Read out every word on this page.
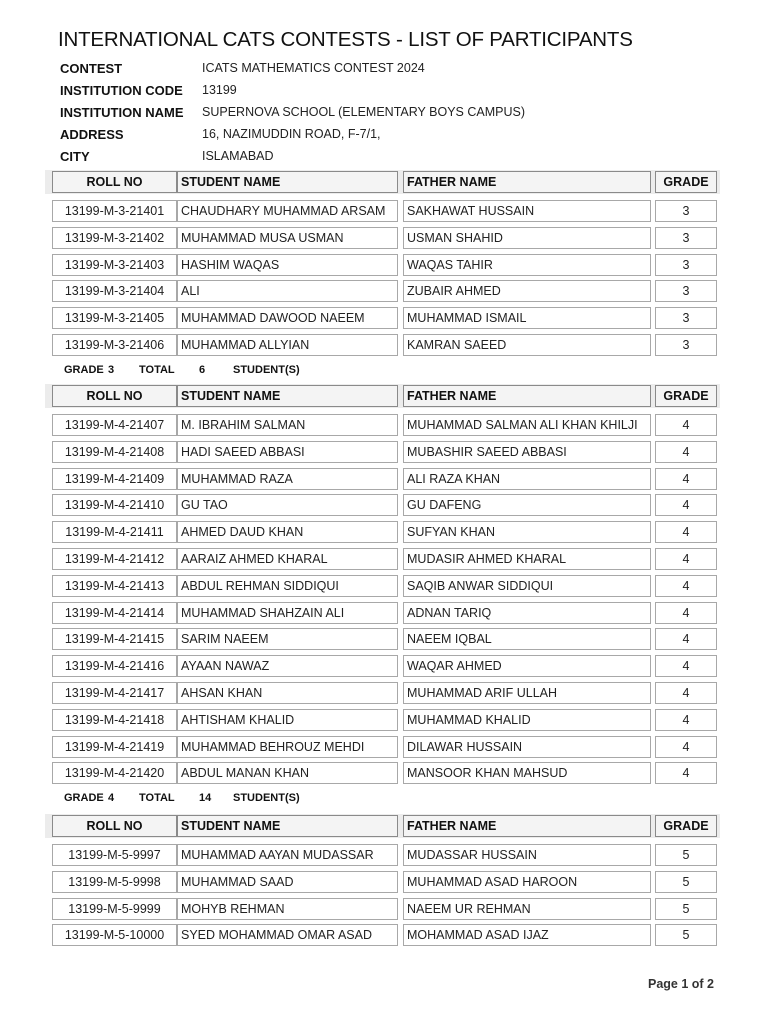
INTERNATIONAL CATS CONTESTS - LIST OF PARTICIPANTS
CONTEST	ICATS MATHEMATICS CONTEST 2024
INSTITUTION CODE	13199
INSTITUTION NAME	SUPERNOVA SCHOOL (ELEMENTARY BOYS CAMPUS)
ADDRESS	16, NAZIMUDDIN ROAD, F-7/1,
CITY	ISLAMABAD
ROLL NO	STUDENT NAME	FATHER NAME	GRADE
13199-M-3-21401	CHAUDHARY MUHAMMAD ARSAM	SAKHAWAT HUSSAIN	3
13199-M-3-21402	MUHAMMAD MUSA USMAN	USMAN SHAHID	3
13199-M-3-21403	HASHIM WAQAS	WAQAS TAHIR	3
13199-M-3-21404	ALI	ZUBAIR AHMED	3
13199-M-3-21405	MUHAMMAD DAWOOD NAEEM	MUHAMMAD ISMAIL	3
13199-M-3-21406	MUHAMMAD ALLYIAN	KAMRAN SAEED	3
GRADE 3	TOTAL	6	STUDENT(S)
ROLL NO	STUDENT NAME	FATHER NAME	GRADE
13199-M-4-21407	M. IBRAHIM SALMAN	MUHAMMAD SALMAN ALI KHAN KHILJI	4
13199-M-4-21408	HADI SAEED ABBASI	MUBASHIR SAEED ABBASI	4
13199-M-4-21409	MUHAMMAD RAZA	ALI RAZA KHAN	4
13199-M-4-21410	GU TAO	GU DAFENG	4
13199-M-4-21411	AHMED DAUD KHAN	SUFYAN KHAN	4
13199-M-4-21412	AARAIZ AHMED KHARAL	MUDASIR AHMED KHARAL	4
13199-M-4-21413	ABDUL REHMAN SIDDIQUI	SAQIB ANWAR SIDDIQUI	4
13199-M-4-21414	MUHAMMAD SHAHZAIN ALI	ADNAN TARIQ	4
13199-M-4-21415	SARIM NAEEM	NAEEM IQBAL	4
13199-M-4-21416	AYAAN NAWAZ	WAQAR AHMED	4
13199-M-4-21417	AHSAN KHAN	MUHAMMAD ARIF ULLAH	4
13199-M-4-21418	AHTISHAM KHALID	MUHAMMAD KHALID	4
13199-M-4-21419	MUHAMMAD BEHROUZ MEHDI	DILAWAR HUSSAIN	4
13199-M-4-21420	ABDUL MANAN KHAN	MANSOOR KHAN MAHSUD	4
GRADE 4	TOTAL	14	STUDENT(S)
ROLL NO	STUDENT NAME	FATHER NAME	GRADE
13199-M-5-9997	MUHAMMAD AAYAN MUDASSAR	MUDASSAR HUSSAIN	5
13199-M-5-9998	MUHAMMAD SAAD	MUHAMMAD ASAD HAROON	5
13199-M-5-9999	MOHYB REHMAN	NAEEM UR REHMAN	5
13199-M-5-10000	SYED MOHAMMAD OMAR ASAD	MOHAMMAD ASAD IJAZ	5
Page 1 of 2
